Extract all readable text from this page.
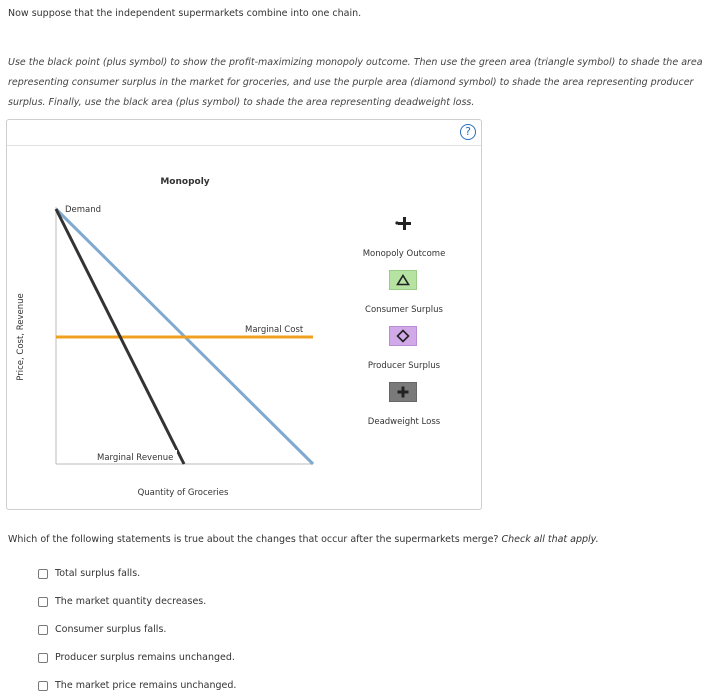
Now suppose that the independent supermarkets combine into one chain.
Use the black point (plus symbol) to show the profit-maximizing monopoly outcome. Then use the green area (triangle symbol) to shade the area representing consumer surplus in the market for groceries, and use the purple area (diamond symbol) to shade the area representing producer surplus. Finally, use the black area (plus symbol) to shade the area representing deadweight loss.
?
Monopoly
Price, Cost, Revenue
Demand
Marginal Cost
Marginal Revenue
Quantity of Groceries
Monopoly Outcome
Consumer Surplus
Producer Surplus
Deadweight Loss
Which of the following statements is true about the changes that occur after the supermarkets merge? Check all that apply.
Total surplus falls.
The market quantity decreases.
Consumer surplus falls.
Producer surplus remains unchanged.
The market price remains unchanged.
